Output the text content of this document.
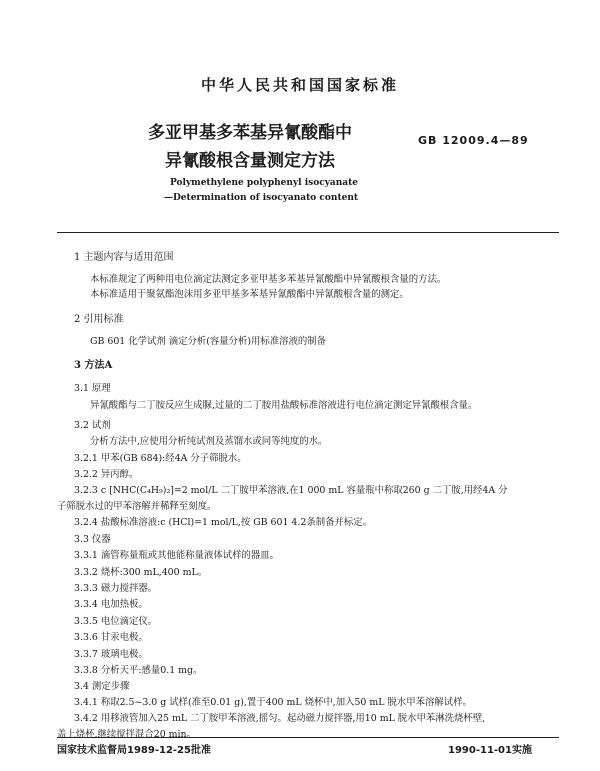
中华人民共和国国家标准
多亚甲基多苯基异氰酸酯中
异氰酸根含量测定方法
GB 12009.4—89
Polymethylene polyphenyl isocyanate
—Determination of isocyanato content
1 主题内容与适用范围
本标准规定了两种用电位滴定法测定多亚甲基多苯基异氰酸酯中异氰酸根含量的方法。
本标准适用于聚氨酯泡沫用多亚甲基多苯基异氰酸酯中异氰酸根含量的测定。
2 引用标准
GB 601 化学试剂 滴定分析(容量分析)用标准溶液的制备
3 方法A
3.1 原理
异氰酸酯与二丁胺反应生成脲,过量的二丁胺用盐酸标准溶液进行电位滴定测定异氰酸根含量。
3.2 试剂
分析方法中,应使用分析纯试剂及蒸馏水或同等纯度的水。
3.2.1 甲苯(GB 684):经4A 分子筛脱水。
3.2.2 异丙醇。
3.2.3 c [NHC(C₄H₉)₂]=2 mol/L 二丁胺甲苯溶液,在1 000 mL 容量瓶中称取260 g 二丁胺,用经4A 分
子筛脱水过的甲苯溶解并稀释至刻度。
3.2.4 盐酸标准溶液:c (HCl)=1 mol/L,按 GB 601 4.2条制备并标定。
3.3 仪器
3.3.1 滴管称量瓶或其他能称量液体试样的器皿。
3.3.2 烧杯:300 mL,400 mL。
3.3.3 磁力搅拌器。
3.3.4 电加热板。
3.3.5 电位滴定仪。
3.3.6 甘汞电极。
3.3.7 玻璃电极。
3.3.8 分析天平:感量0.1 mg。
3.4 测定步骤
3.4.1 称取2.5~3.0 g 试样(准至0.01 g),置于400 mL 烧杯中,加入50 mL 脱水甲苯溶解试样。
3.4.2 用移液管加入25 mL 二丁胺甲苯溶液,摇匀。起动磁力搅拌器,用10 mL 脱水甲苯淋洗烧杯壁,
盖上烧杯,继续搅拌混合20 min。
国家技术监督局1989-12-25批准	1990-11-01实施
